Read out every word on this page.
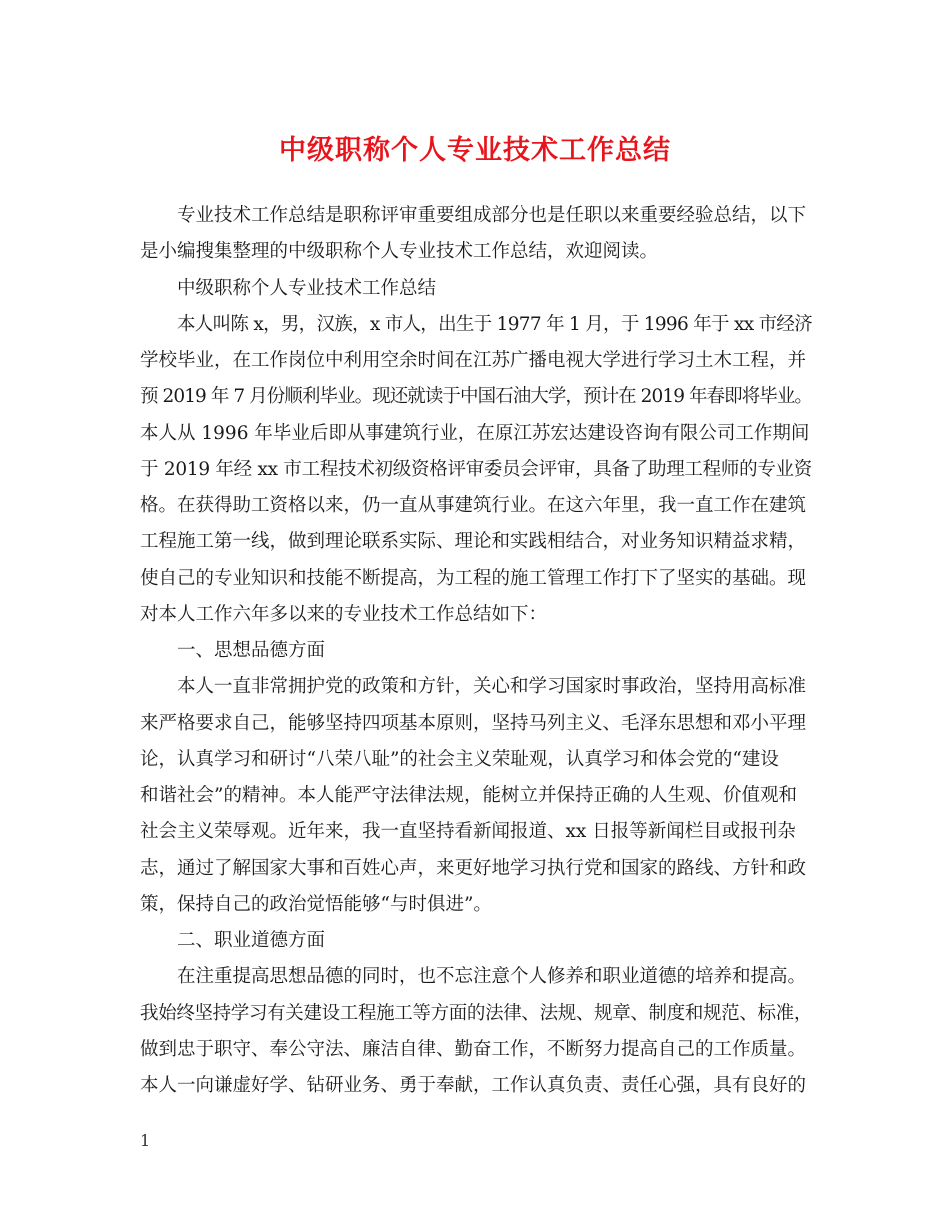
中级职称个人专业技术工作总结
专业技术工作总结是职称评审重要组成部分也是任职以来重要经验总结，以下
是小编搜集整理的中级职称个人专业技术工作总结，欢迎阅读。
中级职称个人专业技术工作总结
本人叫陈 x，男，汉族，x 市人，出生于 1977 年 1 月，于 1996 年于 xx 市经济
学校毕业，在工作岗位中利用空余时间在江苏广播电视大学进行学习土木工程，并
预 2019 年 7 月份顺利毕业。现还就读于中国石油大学，预计在 2019 年春即将毕业。
本人从 1996 年毕业后即从事建筑行业，在原江苏宏达建设咨询有限公司工作期间
于 2019 年经 xx 市工程技术初级资格评审委员会评审，具备了助理工程师的专业资
格。在获得助工资格以来，仍一直从事建筑行业。在这六年里，我一直工作在建筑
工程施工第一线，做到理论联系实际、理论和实践相结合，对业务知识精益求精，
使自己的专业知识和技能不断提高，为工程的施工管理工作打下了坚实的基础。现
对本人工作六年多以来的专业技术工作总结如下：
一、思想品德方面
本人一直非常拥护党的政策和方针，关心和学习国家时事政治，坚持用高标准
来严格要求自己，能够坚持四项基本原则，坚持马列主义、毛泽东思想和邓小平理
论，认真学习和研讨“八荣八耻”的社会主义荣耻观，认真学习和体会党的“建设
和谐社会”的精神。本人能严守法律法规，能树立并保持正确的人生观、价值观和
社会主义荣辱观。近年来，我一直坚持看新闻报道、xx 日报等新闻栏目或报刊杂
志，通过了解国家大事和百姓心声，来更好地学习执行党和国家的路线、方针和政
策，保持自己的政治觉悟能够“与时俱进”。
二、职业道德方面
在注重提高思想品德的同时，也不忘注意个人修养和职业道德的培养和提高。
我始终坚持学习有关建设工程施工等方面的法律、法规、规章、制度和规范、标准，
做到忠于职守、奉公守法、廉洁自律、勤奋工作，不断努力提高自己的工作质量。
本人一向谦虚好学、钻研业务、勇于奉献，工作认真负责、责任心强，具有良好的
1
